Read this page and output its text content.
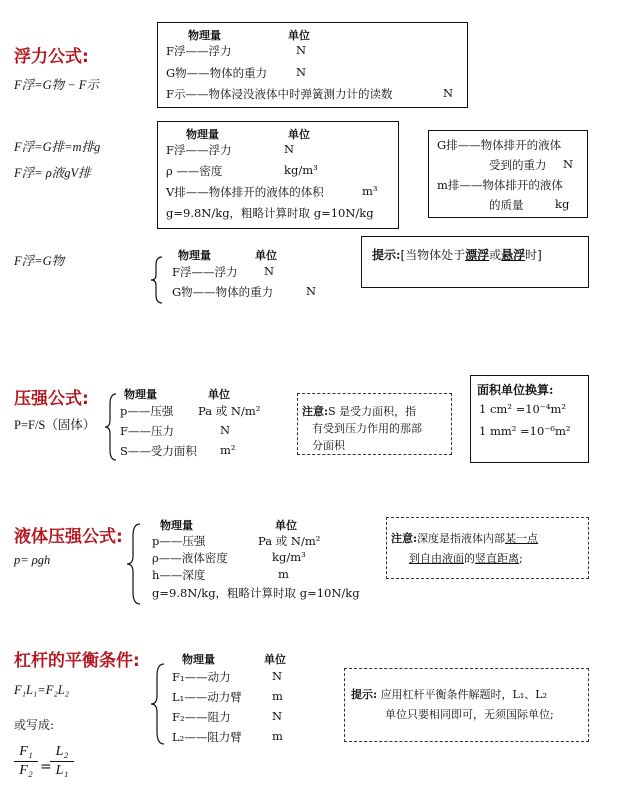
浮力公式:
F浮=G物 − F示
物理量	单位
F浮——浮力	N
G物——物体的重力	N
F示——物体浸没液体中时弹簧测力计的读数	N
F浮=G排=m排g
F浮= ρ液gV排
物理量	单位
F浮——浮力	N
ρ ——密度	kg/m³
V排——物体排开的液体的体积	m³
g=9.8N/kg，粗略计算时取 g=10N/kg
G排——物体排开的液体
受到的重力 N
m排——物体排开的液体
的质量	kg
F浮=G物	物理量	单位
F浮——浮力 N
G物——物体的重力	N
提示:[当物体处于漂浮或悬浮时]
压强公式:
P=F/S（固体）
物理量	单位
p——压强 Pa 或 N/m²
F——压力	N
S——受力面积 m²
注意:S 是受力面积，指
有受到压力作用的那部
分面积
面积单位换算:
1 cm² =10⁻⁴m²
1 mm² =10⁻⁶m²
液体压强公式:
p= ρgh
物理量	单位
p——压强	Pa 或 N/m²
ρ——液体密度	kg/m³
h——深度	m
g=9.8N/kg，粗略计算时取 g=10N/kg
注意:深度是指液体内部某一点
到自由液面的竖直距离;
杠杆的平衡条件:
F₁L₁=F₂L₂
或写成:
F₁
F₂ =
L₂
L₁
物理量	单位
F₁——动力	N
L₁——动力臂	m
F₂——阻力	N
L₂——阻力臂	m
提示: 应用杠杆平衡条件解题时，L₁、L₂
单位只要相同即可，无须国际单位;
